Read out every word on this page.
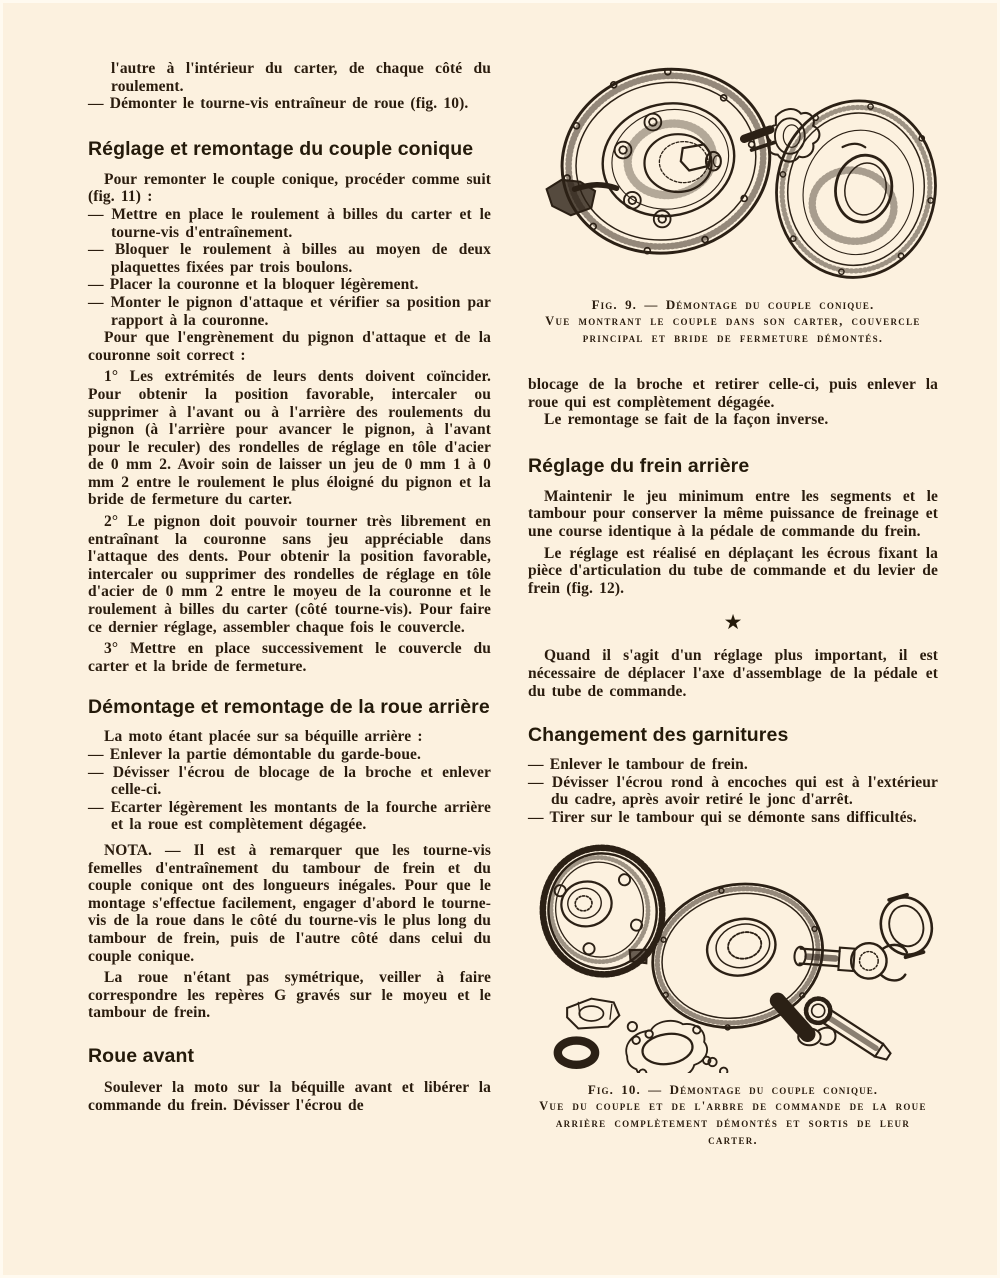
l'autre à l'intérieur du carter, de chaque côté du roulement.

— Démonter le tourne-vis entraîneur de roue (fig. 10).

Réglage et remontage du couple conique

Pour remonter le couple conique, procéder comme suit (fig. 11) :

— Mettre en place le roulement à billes du carter et le tourne-vis d'entraînement.

— Bloquer le roulement à billes au moyen de deux plaquettes fixées par trois boulons.

— Placer la couronne et la bloquer légèrement.

— Monter le pignon d'attaque et vérifier sa position par rapport à la couronne.

Pour que l'engrènement du pignon d'attaque et de la couronne soit correct :

1° Les extrémités de leurs dents doivent coïncider. Pour obtenir la position favorable, intercaler ou supprimer à l'avant ou à l'arrière des roulements du pignon (à l'arrière pour avancer le pignon, à l'avant pour le reculer) des rondelles de réglage en tôle d'acier de 0 mm 2. Avoir soin de laisser un jeu de 0 mm 1 à 0 mm 2 entre le roulement le plus éloigné du pignon et la bride de fermeture du carter.

2° Le pignon doit pouvoir tourner très librement en entraînant la couronne sans jeu appréciable dans l'attaque des dents. Pour obtenir la position favorable, intercaler ou supprimer des rondelles de réglage en tôle d'acier de 0 mm 2 entre le moyeu de la couronne et le roulement à billes du carter (côté tourne-vis). Pour faire ce dernier réglage, assembler chaque fois le couvercle.

3° Mettre en place successivement le couvercle du carter et la bride de fermeture.

Démontage et remontage de la roue arrière

La moto étant placée sur sa béquille arrière :

— Enlever la partie démontable du garde-boue.

— Dévisser l'écrou de blocage de la broche et enlever celle-ci.

— Ecarter légèrement les montants de la fourche arrière et la roue est complètement dégagée.

NOTA. — Il est à remarquer que les tourne-vis femelles d'entraînement du tambour de frein et du couple conique ont des longueurs inégales. Pour que le montage s'effectue facilement, engager d'abord le tourne-vis de la roue dans le côté du tourne-vis le plus long du tambour de frein, puis de l'autre côté dans celui du couple conique.

La roue n'étant pas symétrique, veiller à faire correspondre les repères G gravés sur le moyeu et le tambour de frein.

Roue avant

Soulever la moto sur la béquille avant et libérer la commande du frein. Dévisser l'écrou de

Fig. 9. — Démontage du couple conique.

Vue montrant le couple dans son carter, couvercle principal et bride de fermeture démontés.

blocage de la broche et retirer celle-ci, puis enlever la roue qui est complètement dégagée.

Le remontage se fait de la façon inverse.

Réglage du frein arrière

Maintenir le jeu minimum entre les segments et le tambour pour conserver la même puissance de freinage et une course identique à la pédale de commande du frein.

Le réglage est réalisé en déplaçant les écrous fixant la pièce d'articulation du tube de commande et du levier de frein (fig. 12).

★

Quand il s'agit d'un réglage plus important, il est nécessaire de déplacer l'axe d'assemblage de la pédale et du tube de commande.

Changement des garnitures

— Enlever le tambour de frein.

— Dévisser l'écrou rond à encoches qui est à l'extérieur du cadre, après avoir retiré le jonc d'arrêt.

— Tirer sur le tambour qui se démonte sans difficultés.

Fig. 10. — Démontage du couple conique.

Vue du couple et de l'arbre de commande de la roue arrière complètement démontés et sortis de leur carter.
